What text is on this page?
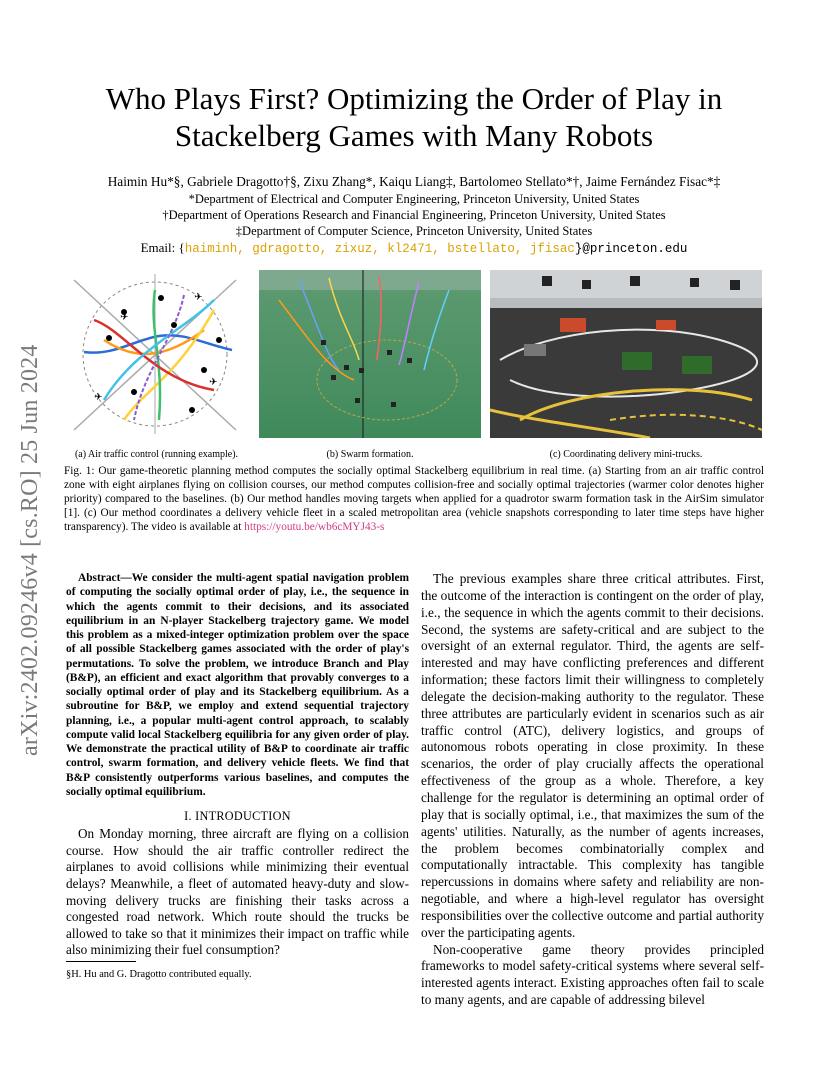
arXiv:2402.09246v4 [cs.RO] 25 Jun 2024
Who Plays First? Optimizing the Order of Play in
Stackelberg Games with Many Robots
Haimin Hu*§, Gabriele Dragotto†§, Zixu Zhang*, Kaiqu Liang‡, Bartolomeo Stellato*†, Jaime Fernández Fisac*‡
*Department of Electrical and Computer Engineering, Princeton University, United States
†Department of Operations Research and Financial Engineering, Princeton University, United States
‡Department of Computer Science, Princeton University, United States
Email: {haiminh, gdragotto, zixuz, kl2471, bstellato, jfisac}@princeton.edu
✈
✈
✈
✈
(a) Air traffic control (running example).	(b) Swarm formation.	(c) Coordinating delivery mini-trucks.
Fig. 1: Our game-theoretic planning method computes the socially optimal Stackelberg equilibrium in real time. (a) Starting from an air traffic control zone with eight airplanes flying on collision courses, our method computes collision-free and socially optimal trajectories (warmer color denotes higher priority) compared to the baselines. (b) Our method handles moving targets when applied for a quadrotor swarm formation task in the AirSim simulator [1]. (c) Our method coordinates a delivery vehicle fleet in a scaled metropolitan area (vehicle snapshots corresponding to later time steps have higher transparency). The video is available at https://youtu.be/wb6cMYJ43-s

Abstract—We consider the multi-agent spatial navigation problem of computing the socially optimal order of play, i.e., the sequence in which the agents commit to their decisions, and its associated equilibrium in an N-player Stackelberg trajectory game. We model this problem as a mixed-integer optimization problem over the space of all possible Stackelberg games associated with the order of play's permutations. To solve the problem, we introduce Branch and Play (B&P), an efficient and exact algorithm that provably converges to a socially optimal order of play and its Stackelberg equilibrium. As a subroutine for B&P, we employ and extend sequential trajectory planning, i.e., a popular multi-agent control approach, to scalably compute valid local Stackelberg equilibria for any given order of play. We demonstrate the practical utility of B&P to coordinate air traffic control, swarm formation, and delivery vehicle fleets. We find that B&P consistently outperforms various baselines, and computes the socially optimal equilibrium.

I. INTRODUCTION

On Monday morning, three aircraft are flying on a collision course. How should the air traffic controller redirect the airplanes to avoid collisions while minimizing their eventual delays? Meanwhile, a fleet of automated heavy-duty and slow-moving delivery trucks are finishing their tasks across a congested road network. Which route should the trucks be allowed to take so that it minimizes their impact on traffic while also minimizing their fuel consumption?

§H. Hu and G. Dragotto contributed equally.

The previous examples share three critical attributes. First, the outcome of the interaction is contingent on the order of play, i.e., the sequence in which the agents commit to their decisions. Second, the systems are safety-critical and are subject to the oversight of an external regulator. Third, the agents are self-interested and may have conflicting preferences and different information; these factors limit their willingness to completely delegate the decision-making authority to the regulator. These three attributes are particularly evident in scenarios such as air traffic control (ATC), delivery logistics, and groups of autonomous robots operating in close proximity. In these scenarios, the order of play crucially affects the operational effectiveness of the group as a whole. Therefore, a key challenge for the regulator is determining an optimal order of play that is socially optimal, i.e., that maximizes the sum of the agents' utilities. Naturally, as the number of agents increases, the problem becomes combinatorially complex and computationally intractable. This complexity has tangible repercussions in domains where safety and reliability are non-negotiable, and where a high-level regulator has oversight responsibilities over the collective outcome and partial authority over the participating agents.

Non-cooperative game theory provides principled frameworks to model safety-critical systems where several self-interested agents interact. Existing approaches often fail to scale to many agents, and are capable of addressing bilevel
